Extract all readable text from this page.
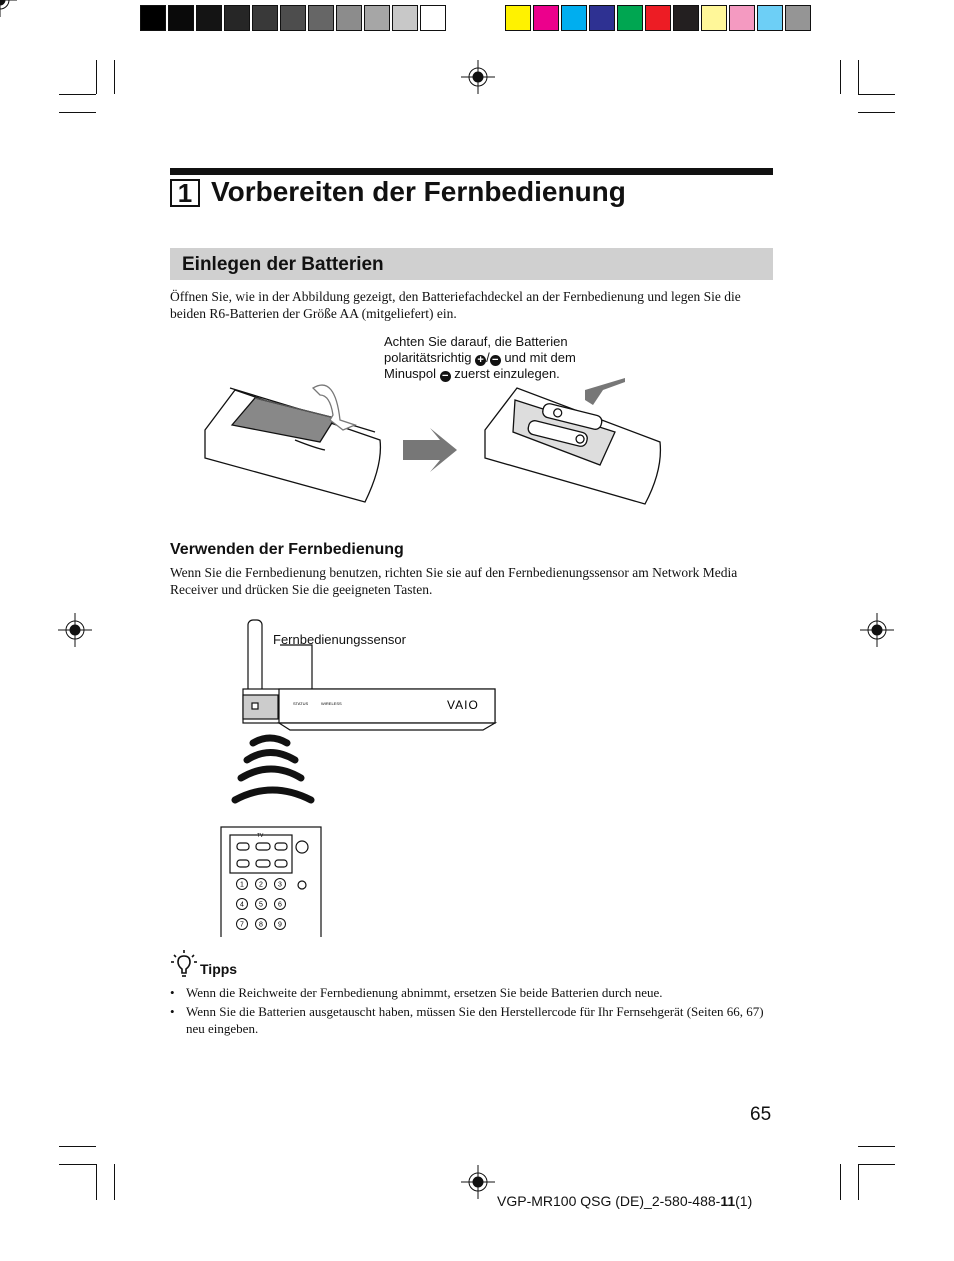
1 Vorbereiten der Fernbedienung
Einlegen der Batterien
Öffnen Sie, wie in der Abbildung gezeigt, den Batteriefachdeckel an der Fernbedienung und legen Sie die beiden R6-Batterien der Größe AA (mitgeliefert) ein.
Achten Sie darauf, die Batterien
polaritätsrichtig + / − und mit dem
Minuspol − zuerst einzulegen.
Verwenden der Fernbedienung
Wenn Sie die Fernbedienung benutzen, richten Sie sie auf den Fernbedienungssensor am Network Media Receiver und drücken Sie die geeigneten Tasten.
Fernbedienungssensor
STATUS	WIRELESS	VAIO
TV
1 2 3
4 5 6
7 8 9
Tipps
• Wenn die Reichweite der Fernbedienung abnimmt, ersetzen Sie beide Batterien durch neue.
• Wenn Sie die Batterien ausgetauscht haben, müssen Sie den Herstellercode für Ihr Fernsehgerät (Seiten 66, 67) neu eingeben.
65
VGP-MR100 QSG (DE)_2-580-488-11(1)
